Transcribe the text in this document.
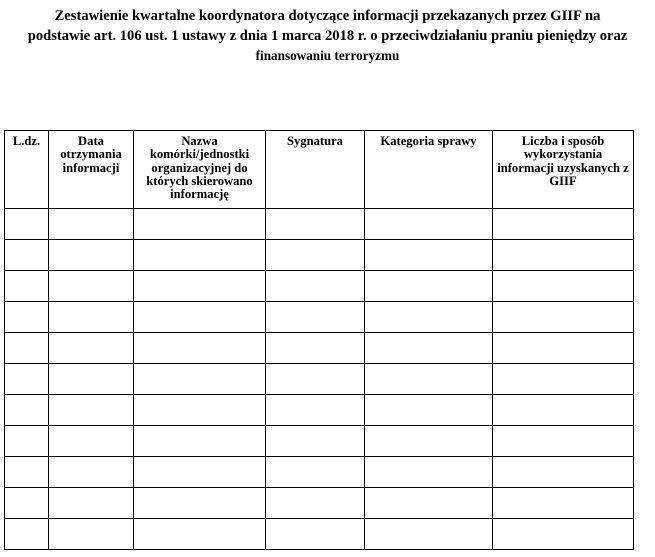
Zestawienie kwartalne koordynatora dotyczące informacji przekazanych przez GIIF na
podstawie art. 106 ust. 1 ustawy z dnia 1 marca 2018 r. o przeciwdziałaniu praniu pieniędzy oraz
finansowaniu terroryzmu
L.dz.	Data otrzymania informacji	Nazwa komórki/jednostki organizacyjnej do których skierowano informację	Sygnatura	Kategoria sprawy	Liczba i sposób wykorzystania informacji uzyskanych z GIIF
